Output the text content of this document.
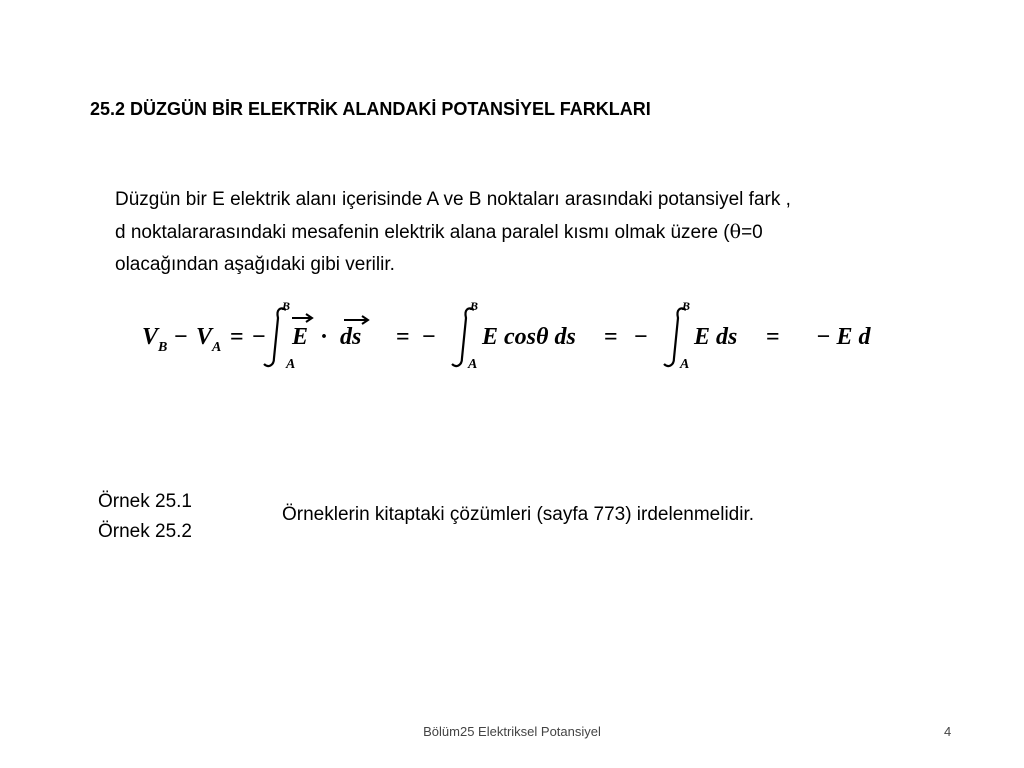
25.2 DÜZGÜN BİR ELEKTRİK ALANDAKİ POTANSİYEL FARKLARI
Düzgün bir E elektrik alanı içerisinde A ve B noktaları arasındaki potansiyel fark ,
d noktalararasındaki mesafenin elektrik alana paralel kısmı olmak üzere (θ=0
olacağından aşağıdaki gibi verilir.
V B − V A = −
B
A
E · ds = −
B
A
E cosθ ds = −
B
A
E ds = − E d
Örnek 25.1
Örnek 25.2
Örneklerin kitaptaki çözümleri (sayfa 773) irdelenmelidir.
Bölüm25 Elektriksel Potansiyel	4
